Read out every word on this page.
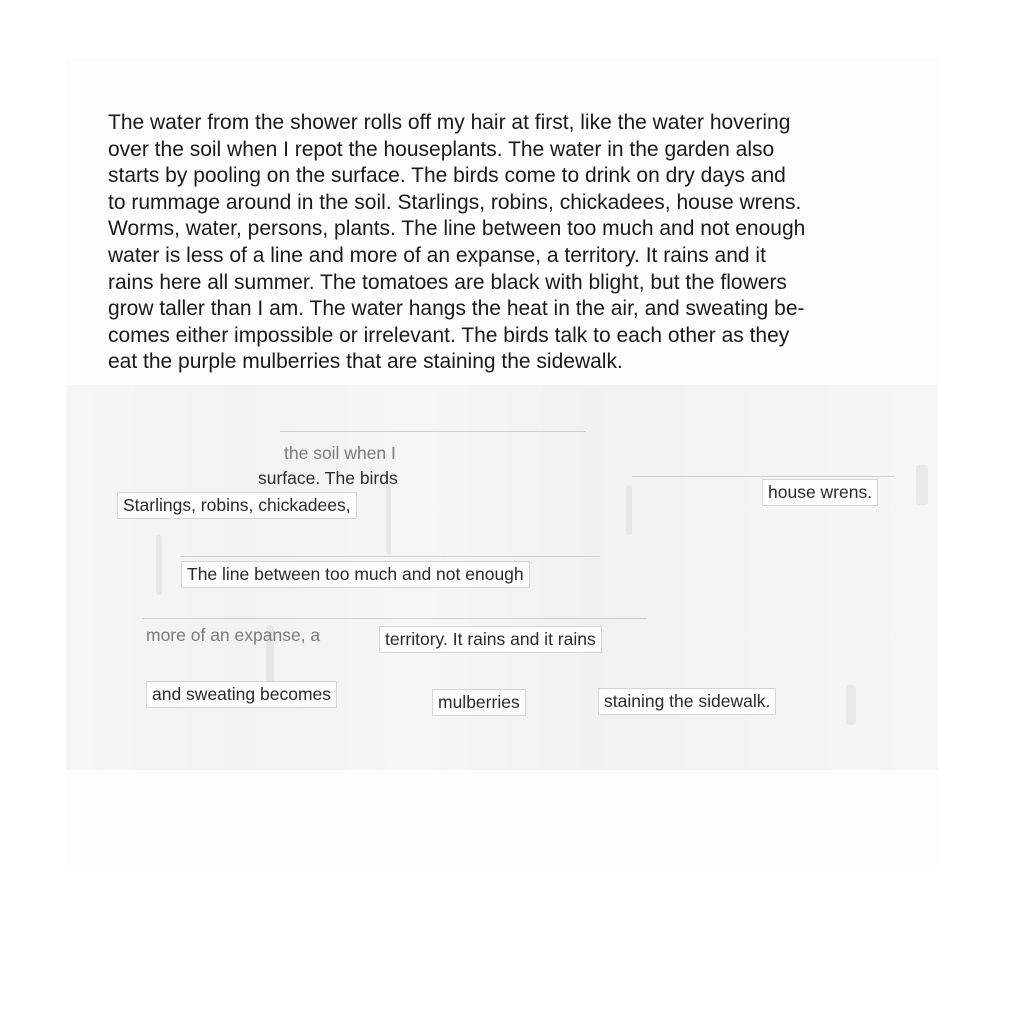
The water from the shower rolls off my hair at first, like the water hovering
over the soil when I repot the houseplants. The water in the garden also
starts by pooling on the surface. The birds come to drink on dry days and
to rummage around in the soil. Starlings, robins, chickadees, house wrens.
Worms, water, persons, plants. The line between too much and not enough
water is less of a line and more of an expanse, a territory. It rains and it
rains here all summer. The tomatoes are black with blight, but the flowers
grow taller than I am. The water hangs the heat in the air, and sweating be-
comes either impossible or irrelevant. The birds talk to each other as they
eat the purple mulberries that are staining the sidewalk.
the soil when I
surface. The birds
Starlings, robins, chickadees,
house wrens.
The line between too much and not enough
more of an expanse, a	territory. It rains and it rains
and sweating becomes	mulberries	staining the sidewalk.
